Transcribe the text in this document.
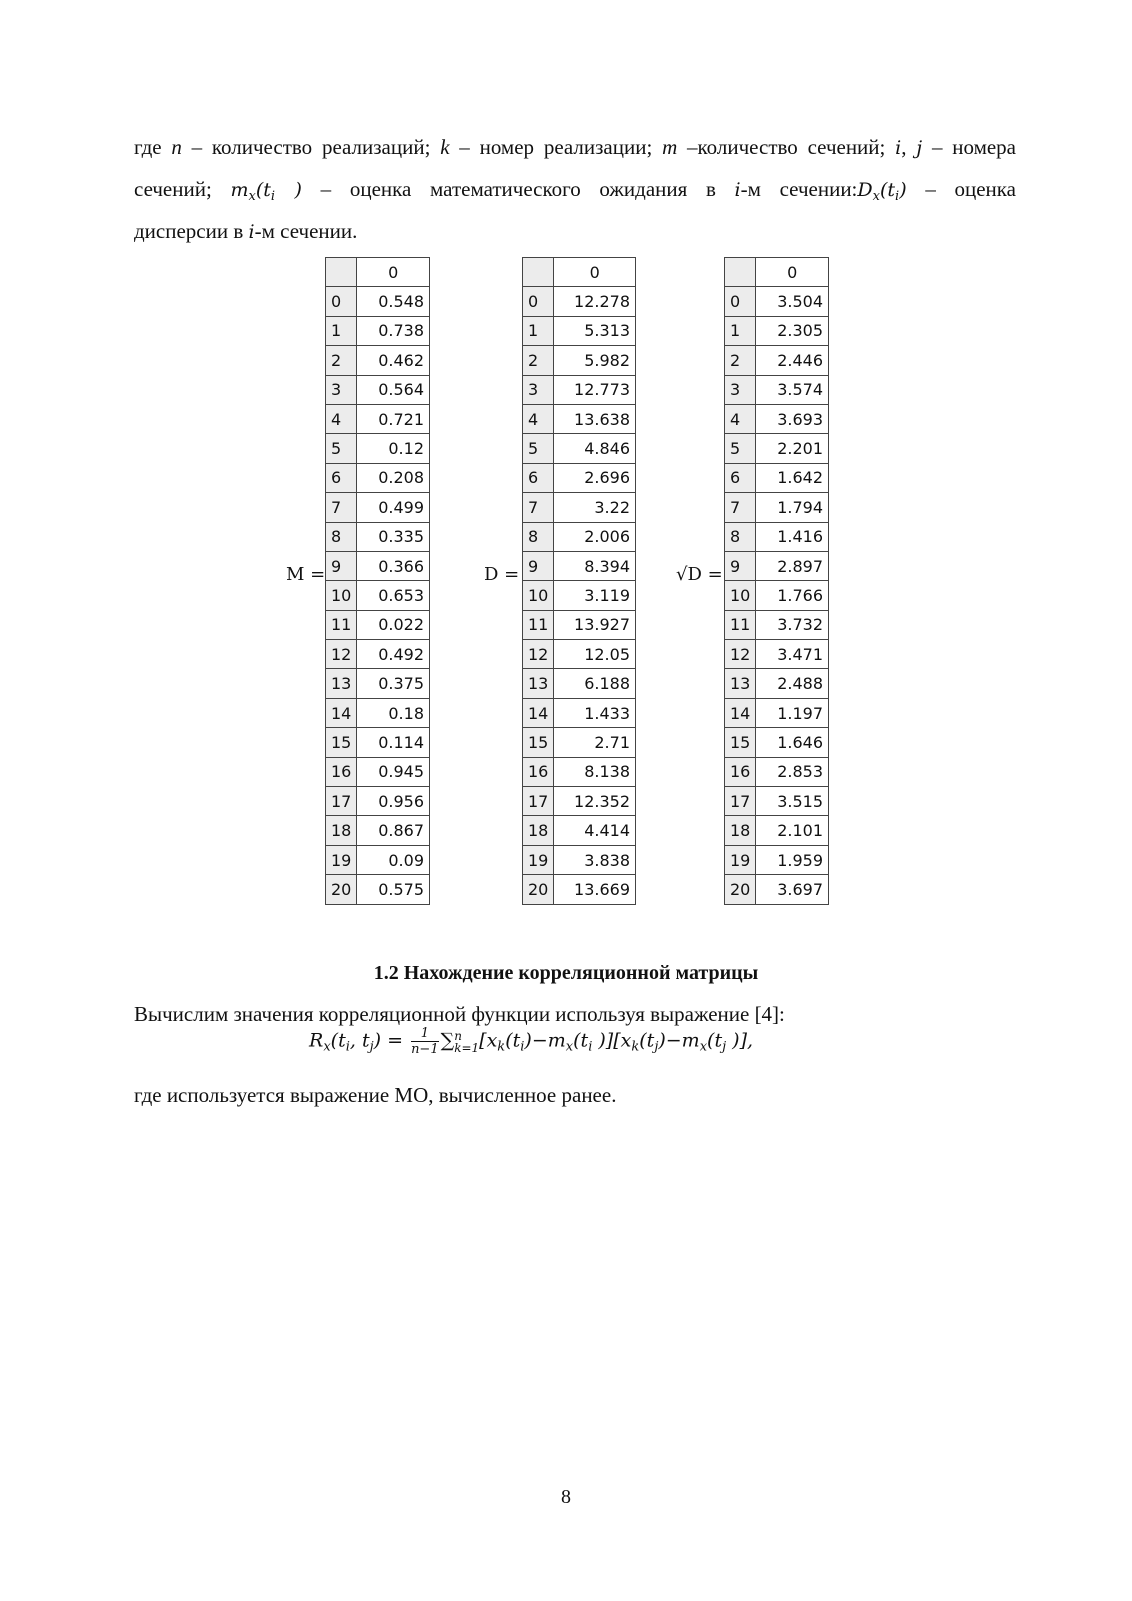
где n – количество реализаций; k – номер реализации; m –количество сечений; i, j – номера
сечений; $m_x(t_i$ ) – оценка математического ожидания в i-м $сечении:D_x(t_i)$ – оценка
дисперсии в i-м сечении.
M =	D =	√D =
	0
0	0.548
1	0.738
2	0.462
3	0.564
4	0.721
5	0.12
6	0.208
7	0.499
8	0.335
9	0.366
10	0.653
11	0.022
12	0.492
13	0.375
14	0.18
15	0.114
16	0.945
17	0.956
18	0.867
19	0.09
20	0.575
	0
0	12.278
1	5.313
2	5.982
3	12.773
4	13.638
5	4.846
6	2.696
7	3.22
8	2.006
9	8.394
10	3.119
11	13.927
12	12.05
13	6.188
14	1.433
15	2.71
16	8.138
17	12.352
18	4.414
19	3.838
20	13.669
	0
0	3.504
1	2.305
2	2.446
3	3.574
4	3.693
5	2.201
6	1.642
7	1.794
8	1.416
9	2.897
10	1.766
11	3.732
12	3.471
13	2.488
14	1.197
15	1.646
16	2.853
17	3.515
18	2.101
19	1.959
20	3.697
1.2 Нахождение корреляционной матрицы
Вычислим значения корреляционной функции используя выражение [4]:
$R_x(t_i$, $t_j) = \frac{1}{n-1}$ ∑ n
k=1 [$x_k(t_i)-m_x(t_i$ )][$x_k(t_j)-m_x(t_j$ )],
где используется выражение МО, вычисленное ранее.
8
